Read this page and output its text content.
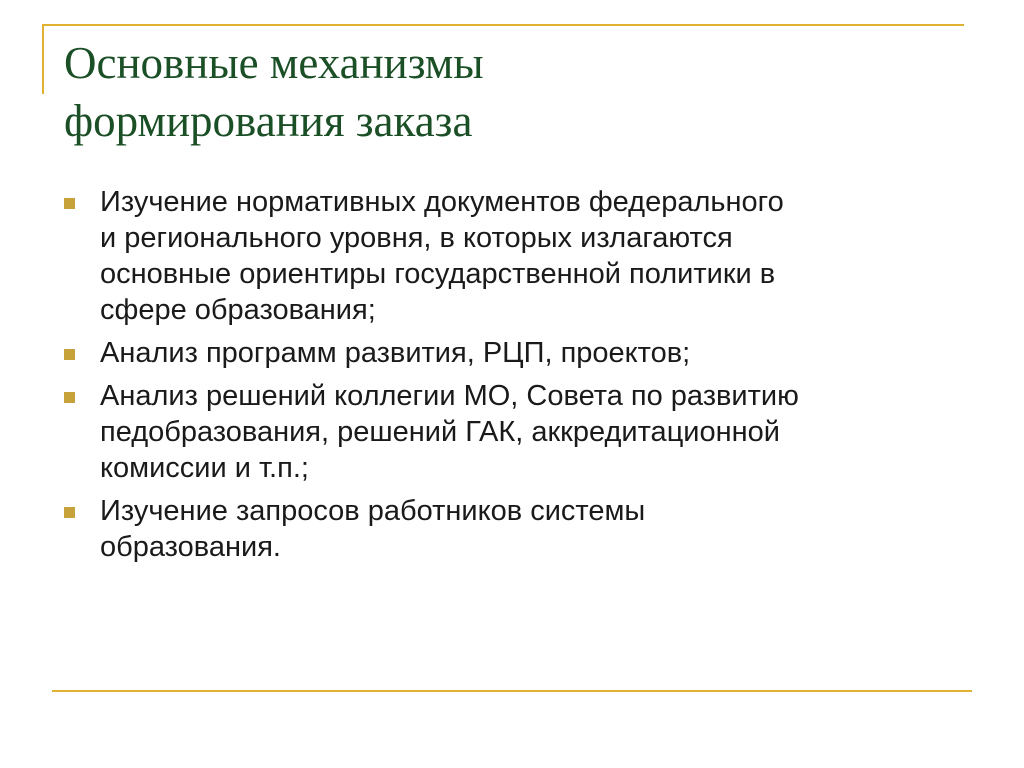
Основные механизмы
формирования заказа
Изучение нормативных документов федерального
и регионального уровня, в которых излагаются
основные ориентиры государственной политики в
сфере образования;
Анализ программ развития, РЦП, проектов;
Анализ решений коллегии МО, Совета по развитию
педобразования, решений ГАК, аккредитационной
комиссии и т.п.;
Изучение запросов работников системы
образования.
